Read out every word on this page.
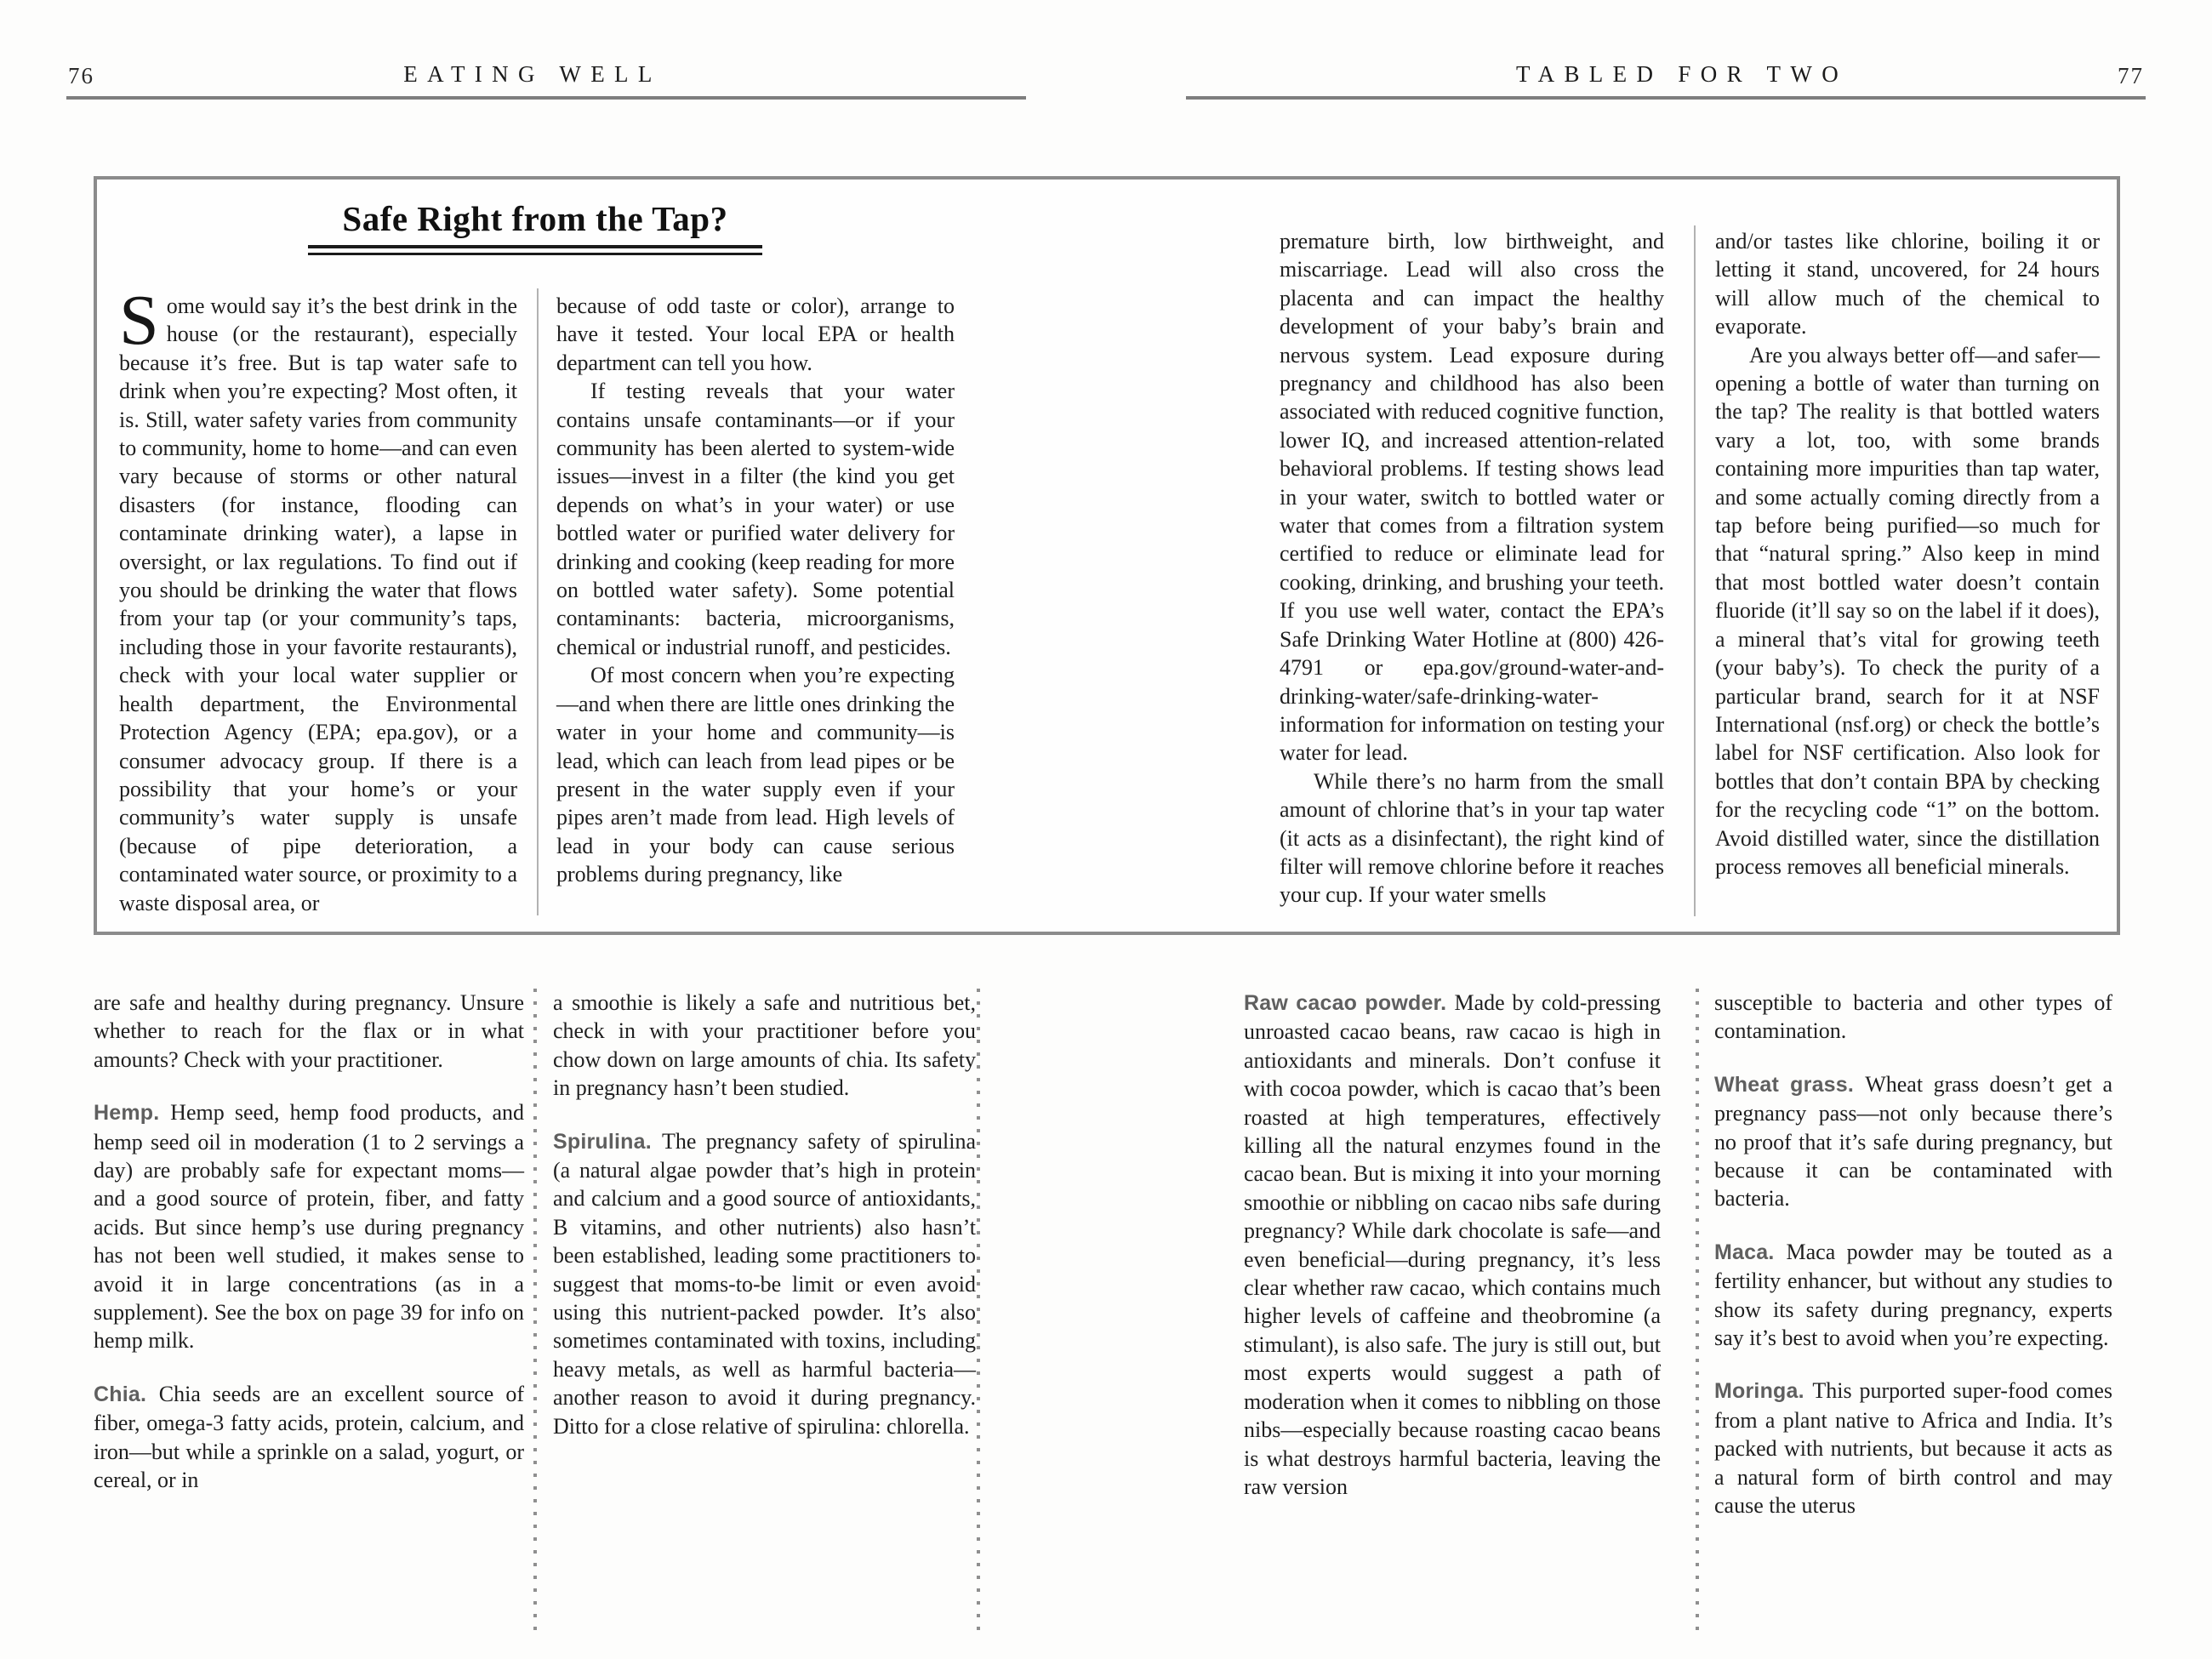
76	EATING WELL	TABLED FOR TWO	77
Safe Right from the Tap?

Some would say it’s the best drink in the house (or the restaurant), especially because it’s free. But is tap water safe to drink when you’re expecting? Most often, it is. Still, water safety varies from community to community, home to home—and can even vary because of storms or other natural disasters (for instance, flooding can contaminate drinking water), a lapse in oversight, or lax regulations. To find out if you should be drinking the water that flows from your tap (or your community’s taps, including those in your favorite restaurants), check with your local water supplier or health department, the Environmental Protection Agency (EPA; epa.gov), or a consumer advocacy group. If there is a possibility that your home’s or your community’s water supply is unsafe (because of pipe deterioration, a contaminated water source, or proximity to a waste disposal area, or

because of odd taste or color), arrange to have it tested. Your local EPA or health department can tell you how.

If testing reveals that your water contains unsafe contaminants—or if your community has been alerted to system-wide issues—invest in a filter (the kind you get depends on what’s in your water) or use bottled water or purified water delivery for drinking and cooking (keep reading for more on bottled water safety). Some potential contaminants: bacteria, microorganisms, chemical or industrial runoff, and pesticides.

Of most concern when you’re expecting—and when there are little ones drinking the water in your home and community—is lead, which can leach from lead pipes or be present in the water supply even if your pipes aren’t made from lead. High levels of lead in your body can cause serious problems during pregnancy, like

premature birth, low birthweight, and miscarriage. Lead will also cross the placenta and can impact the healthy development of your baby’s brain and nervous system. Lead exposure during pregnancy and childhood has also been associated with reduced cognitive function, lower IQ, and increased attention-related behavioral problems. If testing shows lead in your water, switch to bottled water or water that comes from a filtration system certified to reduce or eliminate lead for cooking, drinking, and brushing your teeth. If you use well water, contact the EPA’s Safe Drinking Water Hotline at (800) 426-4791 or epa.gov/ground-water-and-drinking-water/safe-drinking-water-information for information on testing your water for lead.

While there’s no harm from the small amount of chlorine that’s in your tap water (it acts as a disinfectant), the right kind of filter will remove chlorine before it reaches your cup. If your water smells

and/or tastes like chlorine, boiling it or letting it stand, uncovered, for 24 hours will allow much of the chemical to evaporate.

Are you always better off—and safer—opening a bottle of water than turning on the tap? The reality is that bottled waters vary a lot, too, with some brands containing more impurities than tap water, and some actually coming directly from a tap before being purified—so much for that “natural spring.” Also keep in mind that most bottled water doesn’t contain fluoride (it’ll say so on the label if it does), a mineral that’s vital for growing teeth (your baby’s). To check the purity of a particular brand, search for it at NSF International (nsf.org) or check the bottle’s label for NSF certification. Also look for bottles that don’t contain BPA by checking for the recycling code “1” on the bottom. Avoid distilled water, since the distillation process removes all beneficial minerals.

are safe and healthy during pregnancy. Unsure whether to reach for the flax or in what amounts? Check with your practitioner.

Hemp. Hemp seed, hemp food products, and hemp seed oil in moderation (1 to 2 servings a day) are probably safe for expectant moms—and a good source of protein, fiber, and fatty acids. But since hemp’s use during pregnancy has not been well studied, it makes sense to avoid it in large concentrations (as in a supplement). See the box on page 39 for info on hemp milk.

Chia. Chia seeds are an excellent source of fiber, omega-3 fatty acids, protein, calcium, and iron—but while a sprinkle on a salad, yogurt, or cereal, or in

a smoothie is likely a safe and nutritious bet, check in with your practitioner before you chow down on large amounts of chia. Its safety in pregnancy hasn’t been studied.

Spirulina. The pregnancy safety of spirulina (a natural algae powder that’s high in protein and calcium and a good source of antioxidants, B vitamins, and other nutrients) also hasn’t been established, leading some practitioners to suggest that moms-to-be limit or even avoid using this nutrient-packed powder. It’s also sometimes contaminated with toxins, including heavy metals, as well as harmful bacteria—another reason to avoid it during pregnancy. Ditto for a close relative of spirulina: chlorella.

Raw cacao powder. Made by cold-pressing unroasted cacao beans, raw cacao is high in antioxidants and minerals. Don’t confuse it with cocoa powder, which is cacao that’s been roasted at high temperatures, effectively killing all the natural enzymes found in the cacao bean. But is mixing it into your morning smoothie or nibbling on cacao nibs safe during pregnancy? While dark chocolate is safe—and even beneficial—during pregnancy, it’s less clear whether raw cacao, which contains much higher levels of caffeine and theobromine (a stimulant), is also safe. The jury is still out, but most experts would suggest a path of moderation when it comes to nibbling on those nibs—especially because roasting cacao beans is what destroys harmful bacteria, leaving the raw version

susceptible to bacteria and other types of contamination.

Wheat grass. Wheat grass doesn’t get a pregnancy pass—not only because there’s no proof that it’s safe during pregnancy, but because it can be contaminated with bacteria.

Maca. Maca powder may be touted as a fertility enhancer, but without any studies to show its safety during pregnancy, experts say it’s best to avoid when you’re expecting.

Moringa. This purported super-food comes from a plant native to Africa and India. It’s packed with nutrients, but because it acts as a natural form of birth control and may cause the uterus
